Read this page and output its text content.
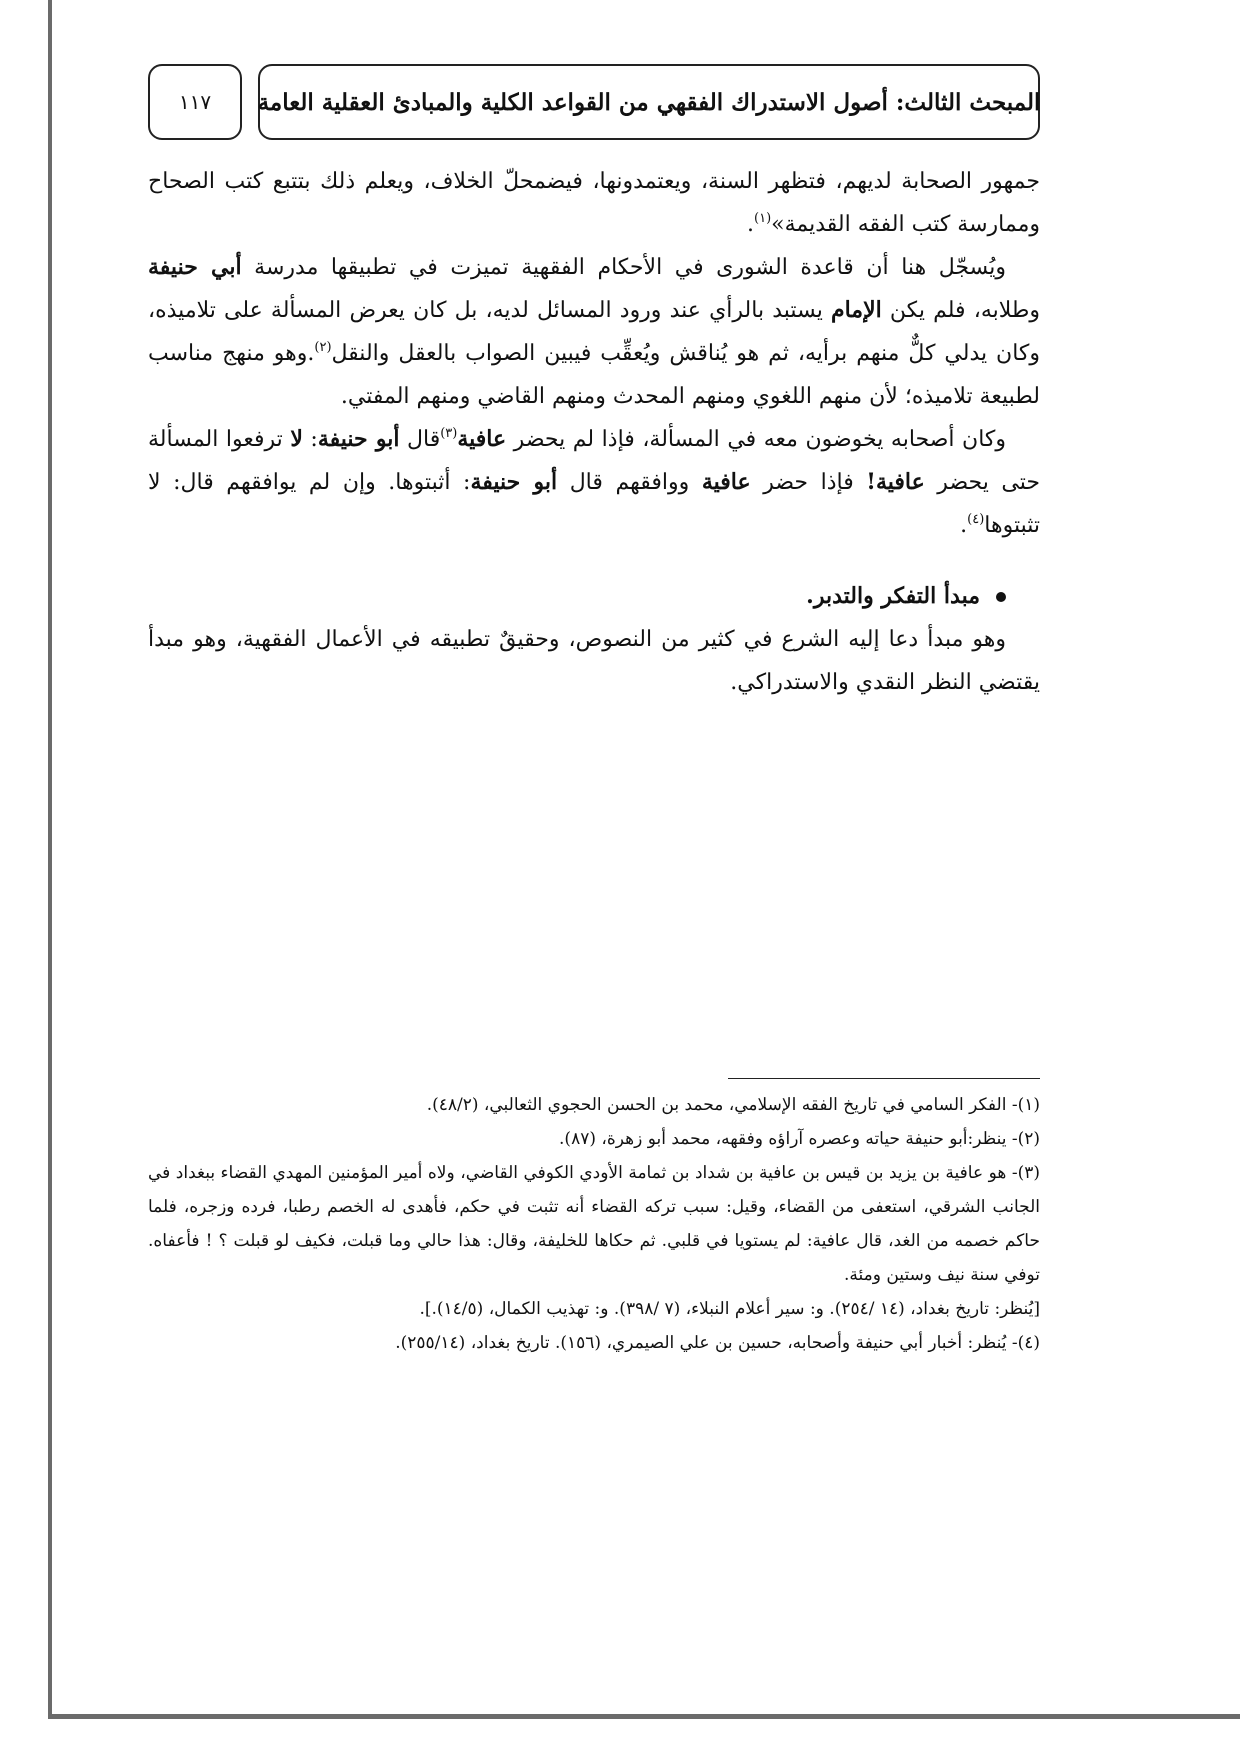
المبحث الثالث: أصول الاستدراك الفقهي من القواعد الكلية والمبادئ العقلية العامة
١١٧

جمهور الصحابة لديهم، فتظهر السنة، ويعتمدونها، فيضمحلّ الخلاف، ويعلم ذلك بتتبع كتب الصحاح وممارسة كتب الفقه القديمة»$^{(١)}$.

ويُسجّل هنا أن قاعدة الشورى في الأحكام الفقهية تميزت في تطبيقها مدرسة أبي حنيفة وطلابه، فلم يكن الإمام يستبد بالرأي عند ورود المسائل لديه، بل كان يعرض المسألة على تلاميذه، وكان يدلي كلٌّ منهم برأيه، ثم هو يُناقش ويُعقِّب فيبين الصواب بالعقل والنقل$^{(٢)}$.وهو منهج مناسب لطبيعة تلاميذه؛ لأن منهم اللغوي ومنهم المحدث ومنهم القاضي ومنهم المفتي.

وكان أصحابه يخوضون معه في المسألة، فإذا لم يحضر عافية$^{(٣)}$قال أبو حنيفة: لا ترفعوا المسألة حتى يحضر عافية! فإذا حضر عافية ووافقهم قال أبو حنيفة: أثبتوها. وإن لم يوافقهم قال: لا تثبتوها$^{(٤)}$.

مبدأ التفكر والتدبر.

وهو مبدأ دعا إليه الشرع في كثير من النصوص، وحقيقٌ تطبيقه في الأعمال الفقهية، وهو مبدأ يقتضي النظر النقدي والاستدراكي.

(١)- الفكر السامي في تاريخ الفقه الإسلامي، محمد بن الحسن الحجوي الثعالبي، (٤٨/٢).

(٢)- ينظر:أبو حنيفة حياته وعصره آراؤه وفقهه، محمد أبو زهرة، (٨٧).

(٣)- هو عافية بن يزيد بن قيس بن عافية بن شداد بن ثمامة الأودي الكوفي القاضي، ولاه أمير المؤمنين المهدي القضاء ببغداد في الجانب الشرقي، استعفى من القضاء، وقيل: سبب تركه القضاء أنه تثبت في حكم، فأهدى له الخصم رطبا، فرده وزجره، فلما حاكم خصمه من الغد، قال عافية: لم يستويا في قلبي. ثم حكاها للخليفة، وقال: هذا حالي وما قبلت، فكيف لو قبلت ؟ ! فأعفاه. توفي سنة نيف وستين ومئة.

[يُنظر: تاريخ بغداد، (١٤ /٢٥٤). و: سير أعلام النبلاء، (٧ /٣٩٨). و: تهذيب الكمال، (١٤/٥).].

(٤)- يُنظر: أخبار أبي حنيفة وأصحابه، حسين بن علي الصيمري، (١٥٦). تاريخ بغداد، (٢٥٥/١٤).
